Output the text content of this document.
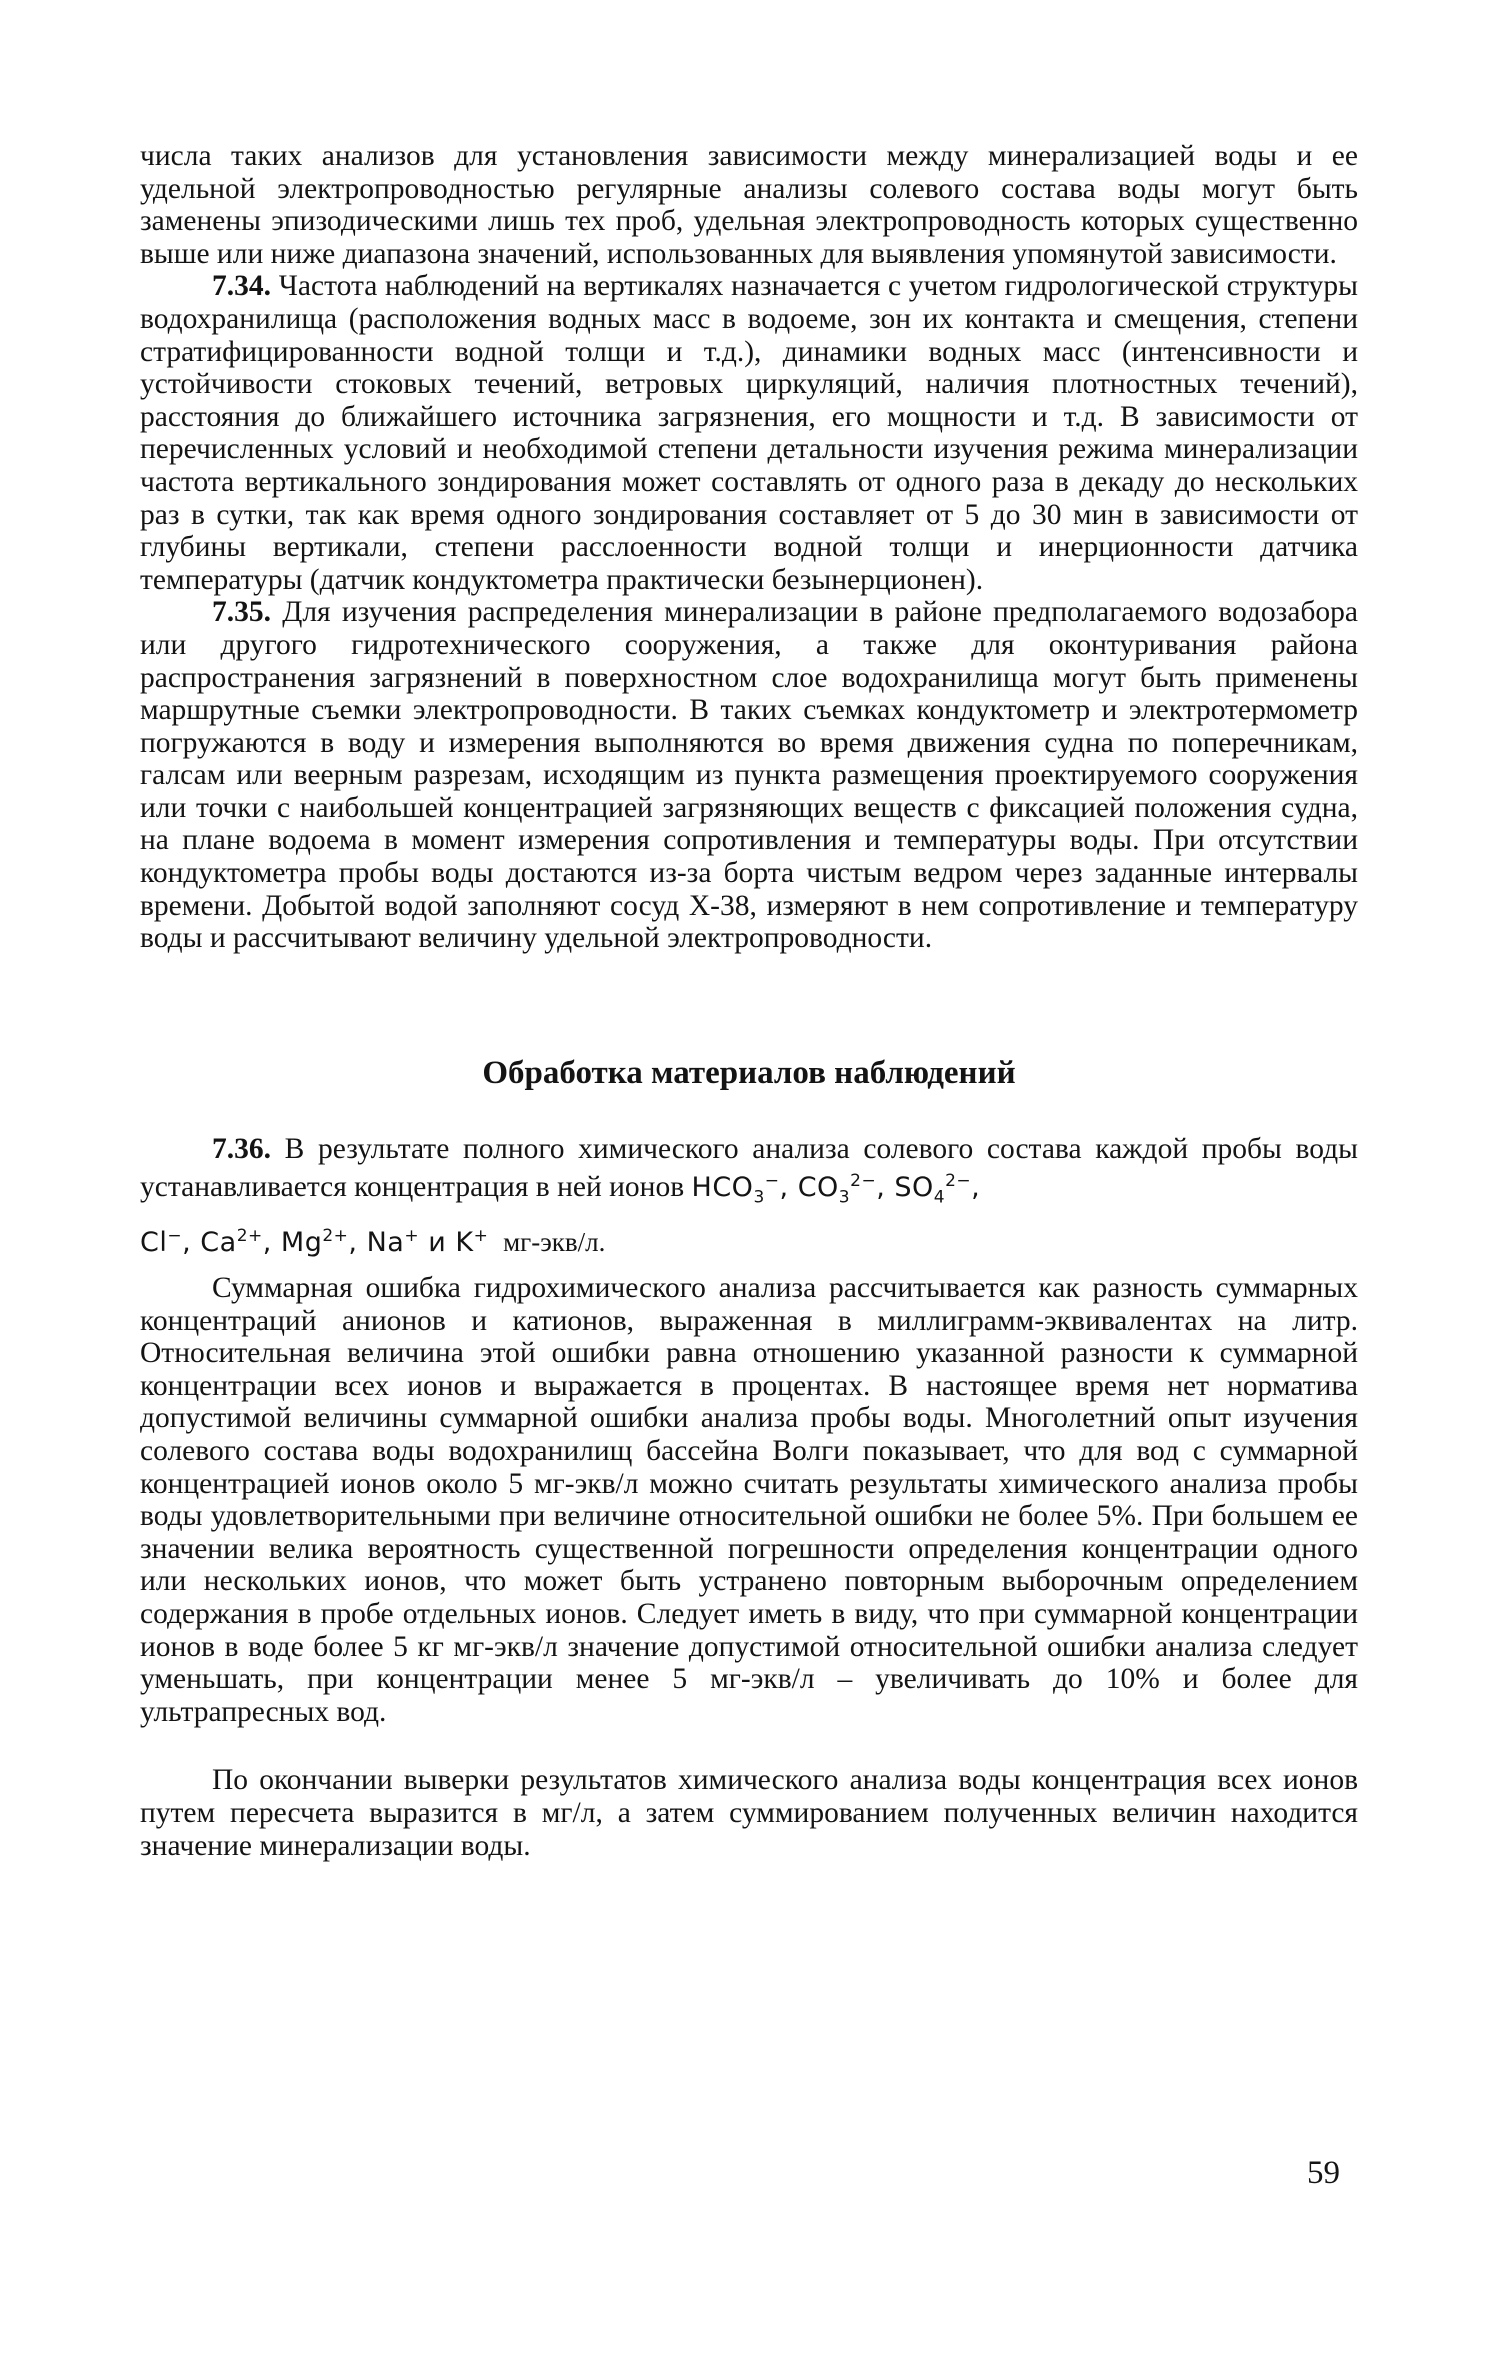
числа таких анализов для установления зависимости между минерализацией воды и ее удельной электропроводностью регулярные анализы солевого состава воды могут быть заменены эпизодическими лишь тех проб, удельная электропроводность которых существенно выше или ниже диапазона значений, использованных для выявления упомянутой зависимости.

7.34. Частота наблюдений на вертикалях назначается с учетом гидрологической структуры водохранилища (расположения водных масс в водоеме, зон их контакта и смещения, степени стратифицированности водной толщи и т.д.), динамики водных масс (интенсивности и устойчивости стоковых течений, ветровых циркуляций, наличия плотностных течений), расстояния до ближайшего источника загрязнения, его мощности и т.д. В зависимости от перечисленных условий и необходимой степени детальности изучения режима минерализации частота вертикального зондирования может составлять от одного раза в декаду до нескольких раз в сутки, так как время одного зондирования составляет от 5 до 30 мин в зависимости от глубины вертикали, степени расслоенности водной толщи и инерционности датчика температуры (датчик кондуктометра практически безынерционен).

7.35. Для изучения распределения минерализации в районе предполагаемого водозабора или другого гидротехнического сооружения, а также для оконтуривания района распространения загрязнений в поверхностном слое водохранилища могут быть применены маршрутные съемки электропроводности. В таких съемках кондуктометр и электротермометр погружаются в воду и измерения выполняются во время движения судна по поперечникам, галсам или веерным разрезам, исходящим из пункта размещения проектируемого сооружения или точки с наибольшей концентрацией загрязняющих веществ с фиксацией положения судна, на плане водоема в момент измерения сопротивления и температуры воды. При отсутствии кондуктометра пробы воды достаются из-за борта чистым ведром через заданные интервалы времени. Добытой водой заполняют сосуд Х-38, измеряют в нем сопротивление и температуру воды и рассчитывают величину удельной электропроводности.

Обработка материалов наблюдений

7.36. В результате полного химического анализа солевого состава каждой пробы воды устанавливается концентрация в ней ионов $HCO_3^-$, $CO_3^{2-}$, $SO_4^{2-}$,

Cl−, $Ca^{2+}$, $Mg^{2+}$, Na+ и K+ мг-экв/л.

Суммарная ошибка гидрохимического анализа рассчитывается как разность суммарных концентраций анионов и катионов, выраженная в миллиграмм-эквивалентах на литр. Относительная величина этой ошибки равна отношению указанной разности к суммарной концентрации всех ионов и выражается в процентах. В настоящее время нет норматива допустимой величины суммарной ошибки анализа пробы воды. Многолетний опыт изучения солевого состава воды водохранилищ бассейна Волги показывает, что для вод с суммарной концентрацией ионов около 5 мг-экв/л можно считать результаты химического анализа пробы воды удовлетворительными при величине относительной ошибки не более 5%. При большем ее значении велика вероятность существенной погрешности определения концентрации одного или нескольких ионов, что может быть устранено повторным выборочным определением содержания в пробе отдельных ионов. Следует иметь в виду, что при суммарной концентрации ионов в воде более 5 кг мг-экв/л значение допустимой относительной ошибки анализа следует уменьшать, при концентрации менее 5 мг-экв/л – увеличивать до 10% и более для ультрапресных вод.

По окончании выверки результатов химического анализа воды концентрация всех ионов путем пересчета выразится в мг/л, а затем суммированием полученных величин находится значение минерализации воды.

59
